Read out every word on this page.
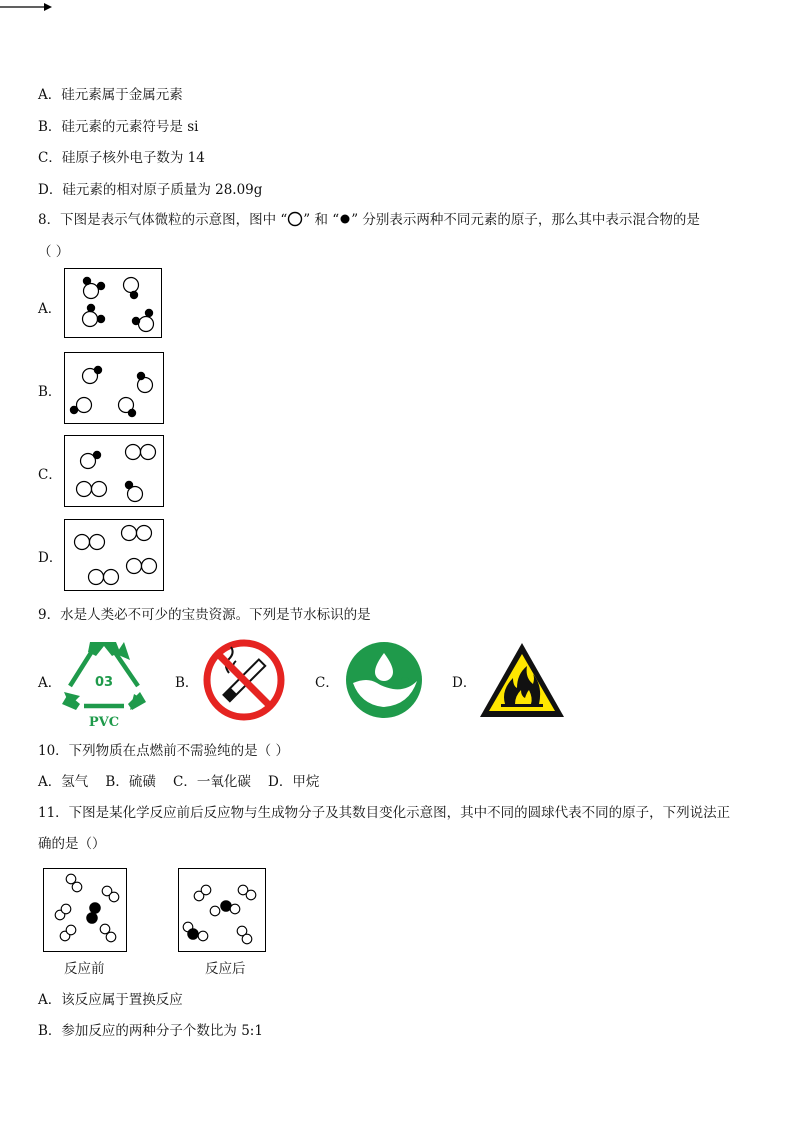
A．硅元素属于金属元素
B．硅元素的元素符号是 si
C．硅原子核外电子数为 14
D．硅元素的相对原子质量为 28.09g
8．下图是表示气体微粒的示意图，图中 “ ” 和 “ ” 分别表示两种不同元素的原子，那么其中表示混合物的是
（ ）
A．
B．
C．
D．
9．水是人类必不可少的宝贵资源。下列是节水标识的是
A．	03
PVC
B．	C．	D．
10．下列物质在点燃前不需验纯的是（ ）
A．氢气    B．硫磺    C．一氧化碳    D．甲烷
11．下图是某化学反应前后反应物与生成物分子及其数目变化示意图，其中不同的圆球代表不同的原子，下列说法正
确的是（）
反应前	反应后
A．该反应属于置换反应
B．参加反应的两种分子个数比为 5:1
